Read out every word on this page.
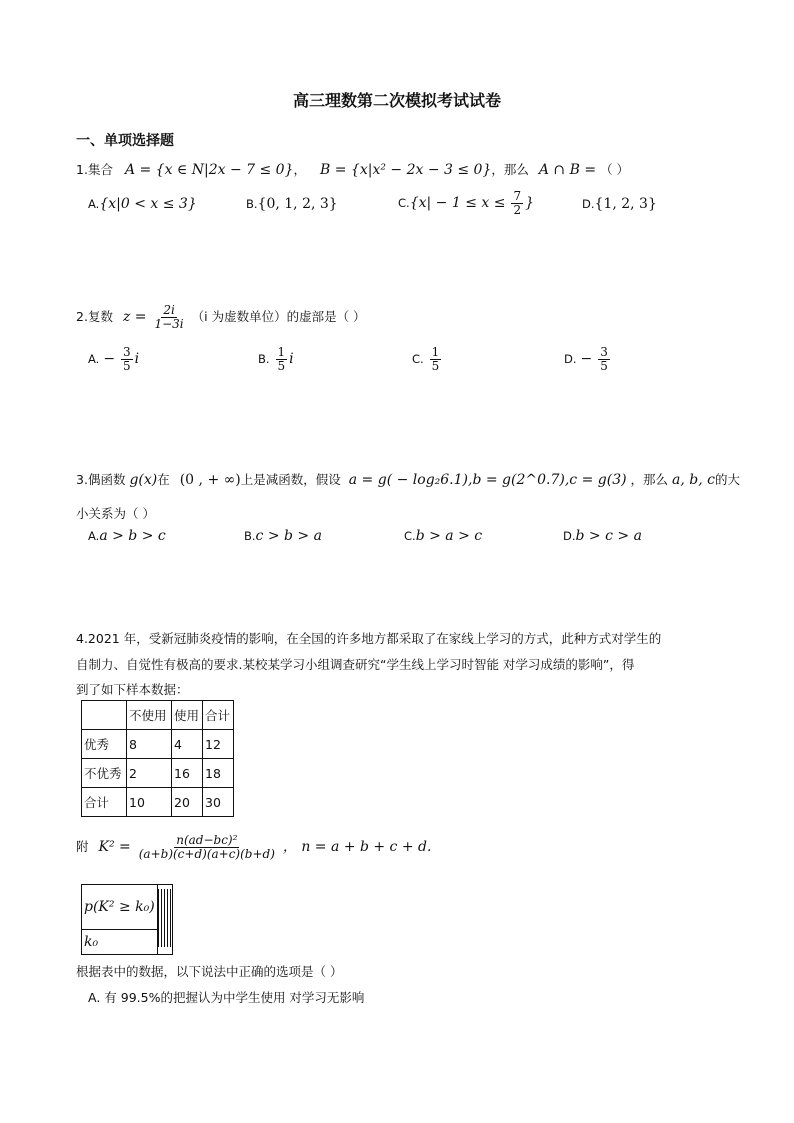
高三理数第二次模拟考试试卷
一、单项选择题
1.集合 A = {x ∈ N|2x − 7 ≤ 0}， B = {x|x² − 2x − 3 ≤ 0}，那么 A ∩ B = （ ）
A.{x|0 < x ≤ 3}	B.{0, 1, 2, 3}	$C.\{x| - 1 \le x \le \frac{7}{2}$ }	D.{1, 2, 3}
2.复数 $z = \frac{2i}{1-3i} (i$ 为虚数单位）的虚部是（ ）
A. − $\frac{3}{5}$ i	B. $\frac{1}{5}$ i	C. $\frac{1}{5}$	D. − $\frac{3}{5}$
3.偶函数 g(x)在 (0 , + ∞)上是减函数，假设 a = g( − log₂6.1),b = g(2^0.7),c = g(3) ，那么 a, b, c的大
小关系为（ ）
A.a > b > c	B.c > b > a	C.b > a > c	D.b > c > a
4.2021 年，受新冠肺炎疫情的影响，在全国的许多地方都采取了在家线上学习的方式，此种方式对学生的
自制力、自觉性有极高的要求.某校某学习小组调查研究“学生线上学习时智能 对学习成绩的影响”，得
到了如下样本数据：
	不使用	使用	合计
优秀	8	4	12
不优秀	2	16	18
合计	10	20	30
附 $K^2 = \frac{\text{n(ad−bc)²}}{(a+b)(c+d)(a+c)(b+d)}$ ， n = a + b + c + d.
p(K² ≥ k₀)	
k₀
根据表中的数据，以下说法中正确的选项是（ ）
A. 有 99.5%的把握认为中学生使用 对学习无影响
